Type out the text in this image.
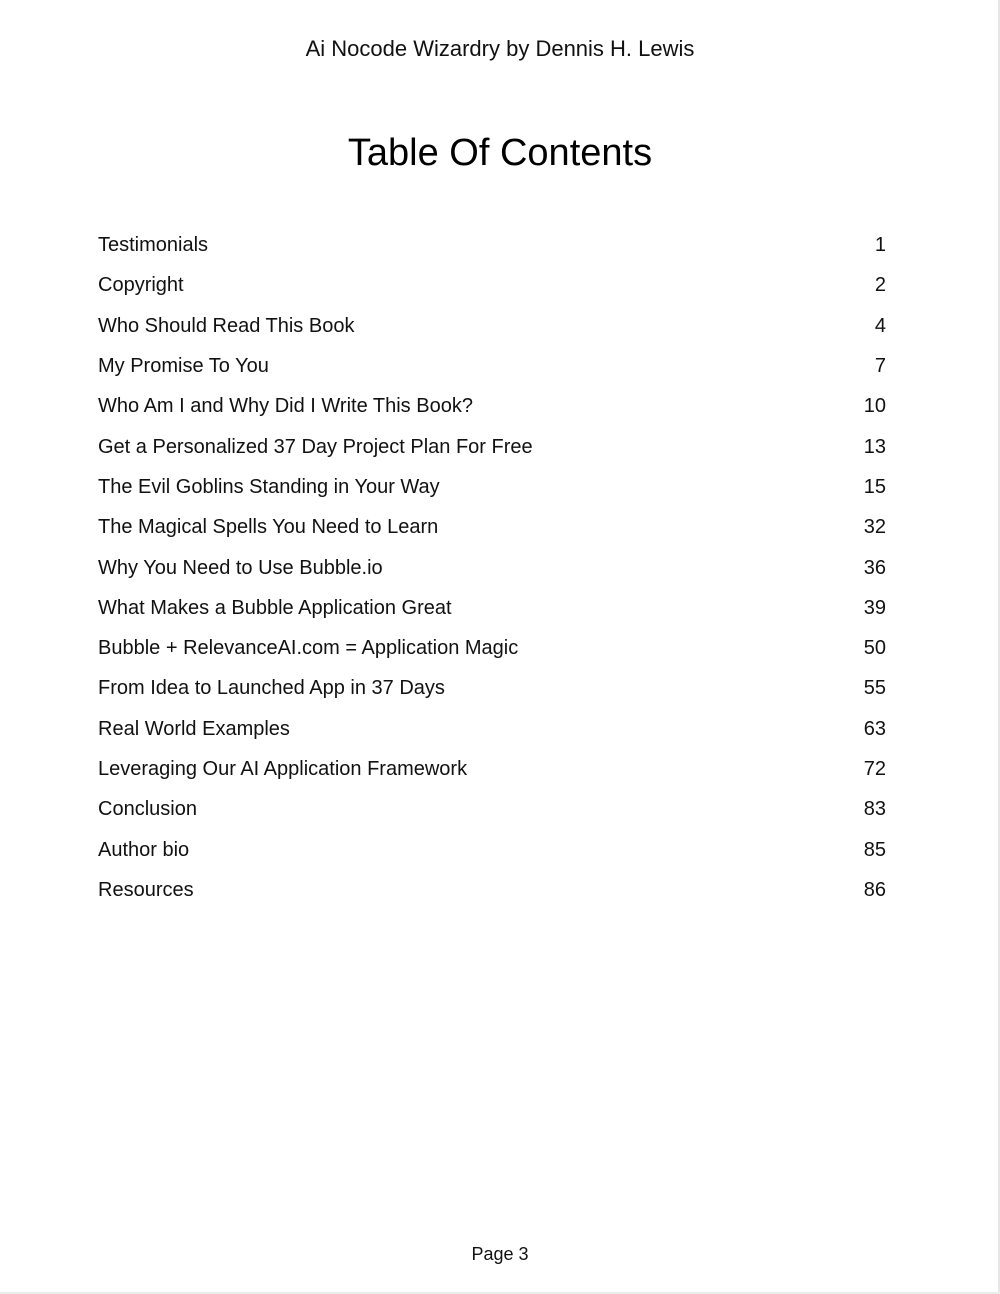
Ai Nocode Wizardry by Dennis H. Lewis
Table Of Contents
Testimonials	1
Copyright	2
Who Should Read This Book	4
My Promise To You	7
Who Am I and Why Did I Write This Book?	10
Get a Personalized 37 Day Project Plan For Free	13
The Evil Goblins Standing in Your Way	15
The Magical Spells You Need to Learn	32
Why You Need to Use Bubble.io	36
What Makes a Bubble Application Great	39
Bubble + RelevanceAI.com = Application Magic	50
From Idea to Launched App in 37 Days	55
Real World Examples	63
Leveraging Our AI Application Framework	72
Conclusion	83
Author bio	85
Resources	86
Page 3
